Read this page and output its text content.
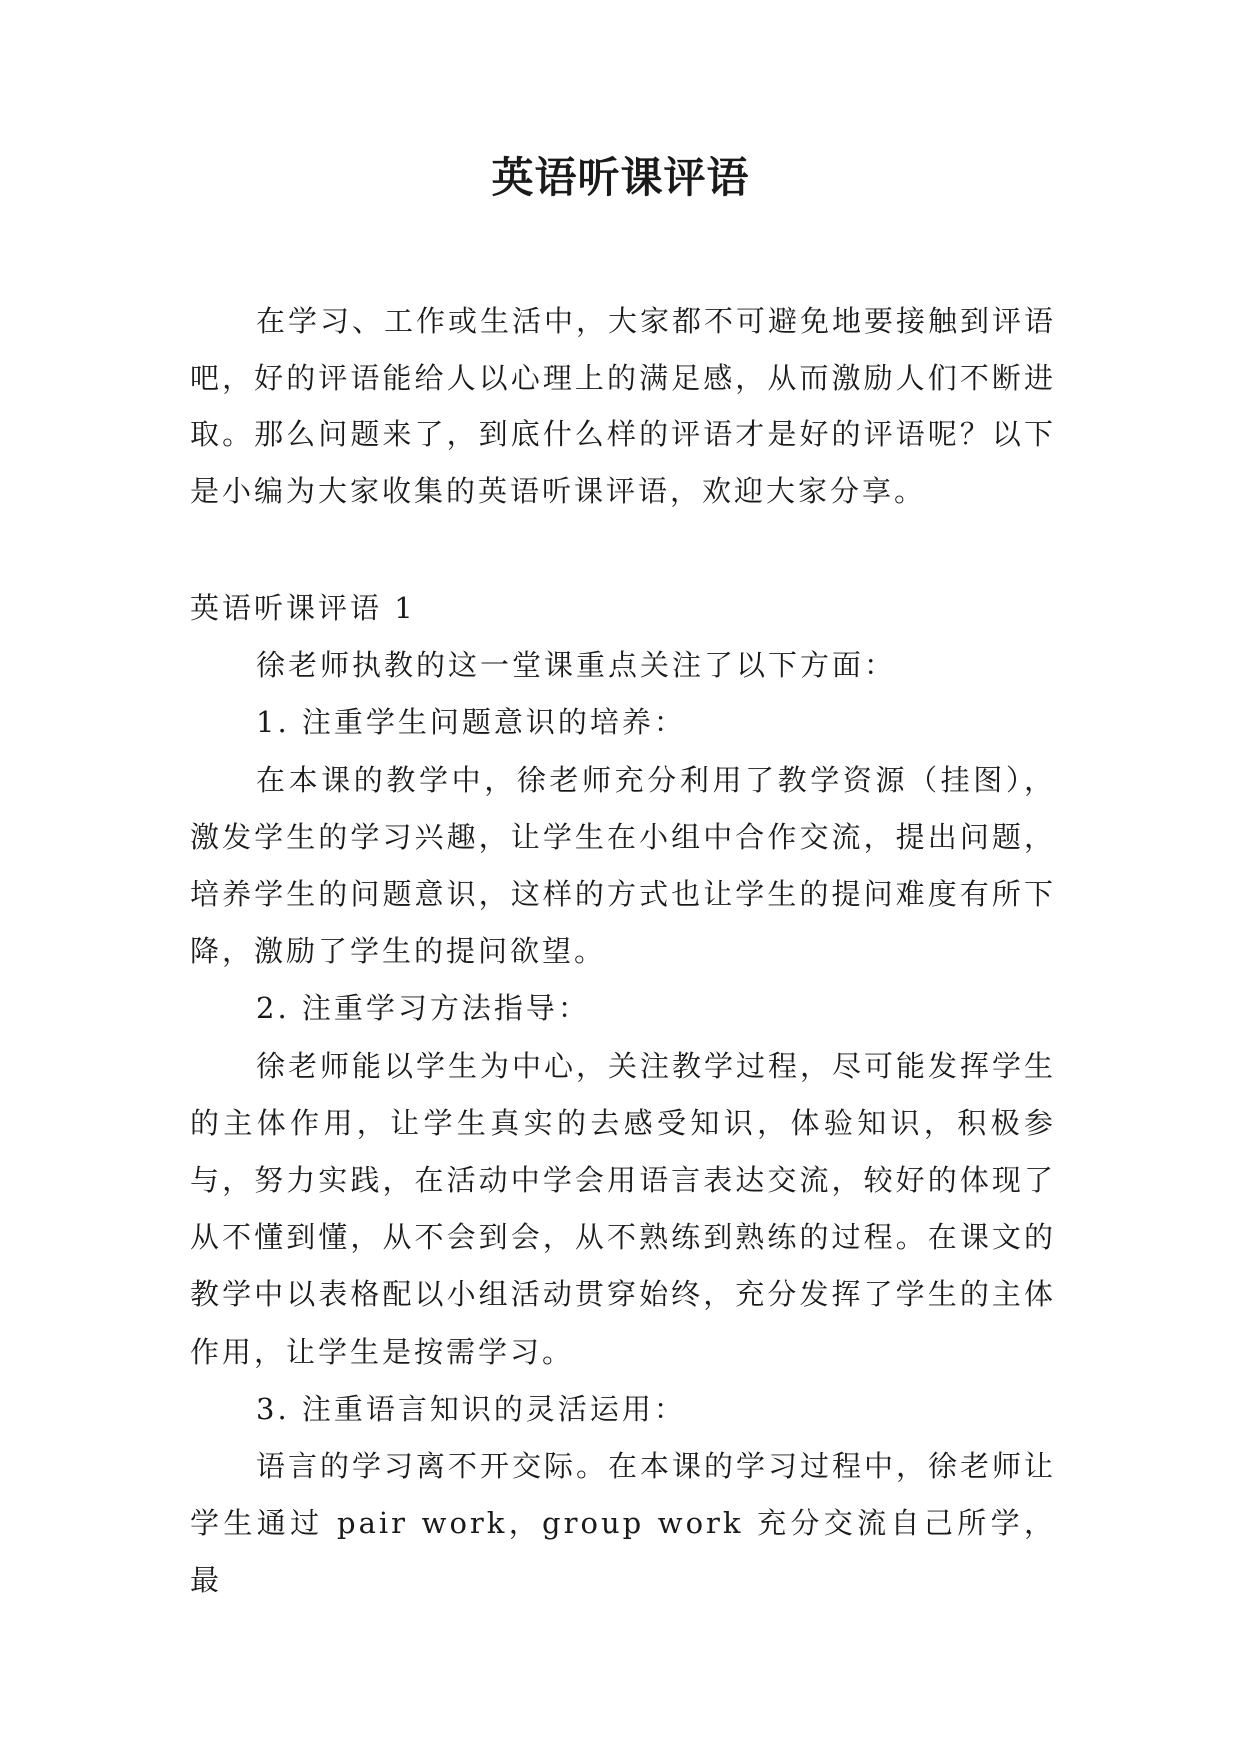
英语听课评语

在学习、工作或生活中，大家都不可避免地要接触到评语吧，好的评语能给人以心理上的满足感，从而激励人们不断进取。那么问题来了，到底什么样的评语才是好的评语呢？以下是小编为大家收集的英语听课评语，欢迎大家分享。

英语听课评语 1

徐老师执教的这一堂课重点关注了以下方面：

1. 注重学生问题意识的培养：

在本课的教学中，徐老师充分利用了教学资源（挂图），激发学生的学习兴趣，让学生在小组中合作交流，提出问题，培养学生的问题意识，这样的方式也让学生的提问难度有所下降，激励了学生的提问欲望。

2. 注重学习方法指导：

徐老师能以学生为中心，关注教学过程，尽可能发挥学生的主体作用，让学生真实的去感受知识，体验知识，积极参与，努力实践，在活动中学会用语言表达交流，较好的体现了从不懂到懂，从不会到会，从不熟练到熟练的过程。在课文的教学中以表格配以小组活动贯穿始终，充分发挥了学生的主体作用，让学生是按需学习。

3. 注重语言知识的灵活运用：

语言的学习离不开交际。在本课的学习过程中，徐老师让学生通过 pair work，group work 充分交流自己所学，最
